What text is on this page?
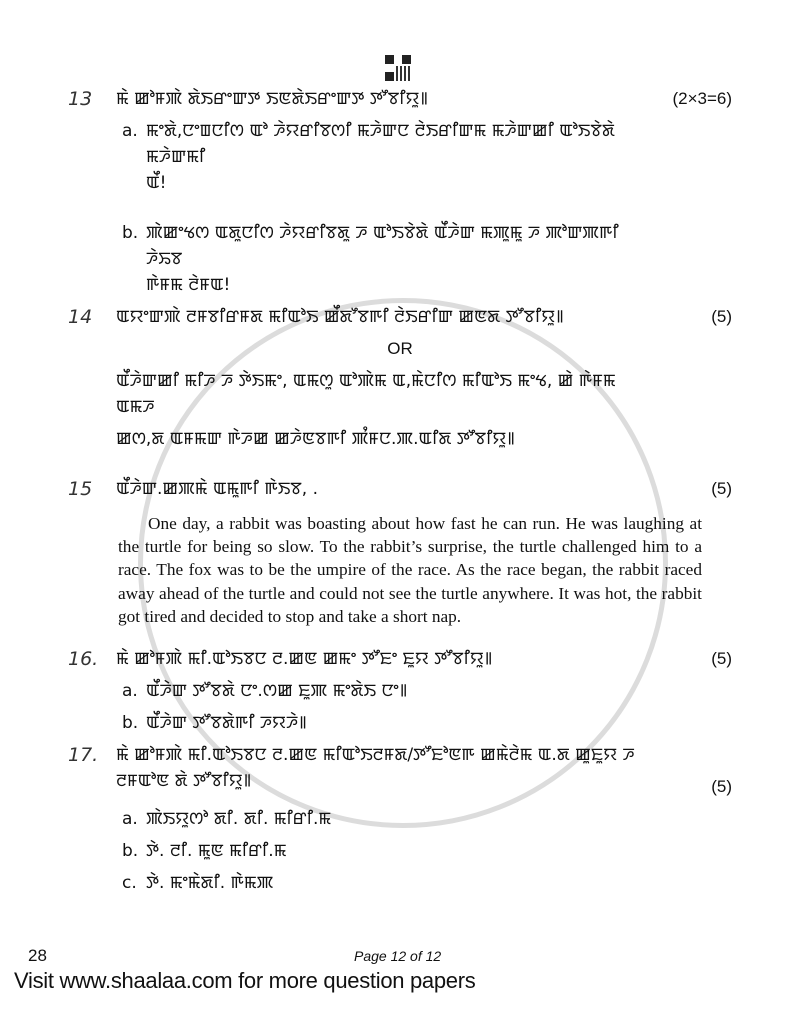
13	ꯃꯥ ꯀꯣꯝꯄꯥ ꯗꯥꯏꯔꯦꯛꯇ ꯏꯟꯗꯥꯏꯔꯦꯛꯇ ꯇꯧꯕꯤꯌꯨ꯫	(2×3=6)
a. ꯃꯦꯗꯥ,ꯅꯦꯡꯅꯤꯁ ꯑꯣ ꯍꯥꯌꯔꯤꯕꯁꯤ ꯃꯍꯥꯛꯅ ꯂꯥꯏꯔꯤꯛꯃ ꯃꯍꯥꯛꯀꯤ ꯑꯣꯏꯕꯥꯗꯥ ꯃꯍꯥꯛꯃꯤ
ꯑꯩ!
b. ꯄꯥꯀꯦꯠꯁ ꯑꯗꯨꯅꯤꯁ ꯍꯥꯌꯔꯤꯕꯗꯨ ꯍ ꯑꯣꯏꯕꯥꯗꯥ ꯑꯩꯍꯥꯛ ꯃꯄꯨꯃꯨ ꯍ ꯄꯣꯛꯄꯒꯤ ꯍꯥꯢꯕ
ꯒꯥꯝꯃ ꯂꯥꯝꯑ!
14	ꯑꯌꯦꯛꯄꯥ ꯂꯝꯕꯤꯔꯝꯗ ꯃꯤꯑꯣꯏ ꯀꯩꯗꯧꯕꯒꯤ ꯂꯥꯏꯔꯤꯛ ꯀꯟꯗ ꯇꯧꯕꯤꯌꯨ꯫	(5)
OR
ꯑꯩꯍꯥꯛꯀꯤ ꯃꯤꯍ ꯍ ꯇꯥꯏꯃꯦ, ꯑꯃꯁꯨ ꯑꯣꯄꯥꯃ ꯑ,ꯃꯥꯅꯤꯁ ꯃꯤꯑꯣꯏ ꯃꯦꯠ, ꯀꯥ ꯒꯥꯝꯃ ꯑꯃꯍ
ꯀꯁ,ꯗ ꯑꯝꯃꯛ ꯒꯥꯍꯀ ꯀꯍꯥꯟꯕꯒꯤ ꯄꯪꯝꯅ.ꯄ.ꯑꯤꯗ ꯇꯧꯕꯤꯌꯨ꯫
15	ꯑꯩꯍꯥꯛ.ꯀꯄꯃꯥ ꯑꯃꯨꯒꯤ ꯒꯥꯏꯕ, .	(5)

One day, a rabbit was boasting about how fast he can run. He was laughing at the turtle for being so slow. To the rabbit’s surprise, the turtle challenged him to a race. The fox was to be the umpire of the race. As the race began, the rabbit raced away ahead of the turtle and could not see the turtle anywhere. It was hot, the rabbit got tired and decided to stop and take a short nap.

16.	ꯃꯥ ꯀꯣꯝꯄꯥ ꯃꯤ.ꯑꯣꯏꯕꯅ ꯂ.ꯀꯟ ꯀꯃꯦ ꯇꯧꯐꯦ ꯐꯨꯌ ꯇꯧꯕꯤꯌꯨ꯫	(5)
a. ꯑꯩꯍꯥꯛ ꯇꯧꯕꯗꯥ ꯅꯦ.ꯁꯀ ꯐꯨꯄ ꯃꯦꯗꯥꯏ ꯅꯦ꯫
b. ꯑꯩꯍꯥꯛ ꯇꯧꯕꯗꯥꯒꯤ ꯍꯌꯍꯥ꯫
17.	ꯃꯥ ꯀꯣꯝꯄꯥ ꯃꯤ.ꯑꯣꯏꯕꯅ ꯂ.ꯀꯟ ꯃꯤꯑꯣꯏꯂꯝꯗ/ꯇꯧꯐꯣꯟꯒ ꯀꯃꯥꯂꯥꯃ ꯑ.ꯗ ꯀꯨꯐꯨꯌ ꯍ
ꯂꯝꯑꯣꯟ ꯗꯥ ꯇꯧꯕꯤꯌꯨ꯫	(5)
a. ꯄꯥꯏꯌꯨꯁꯣ ꯗꯤ. ꯗꯤ. ꯃꯤꯔꯤ.ꯃ
b. ꯇꯥ. ꯂꯤ. ꯃꯨꯟ ꯃꯤꯔꯤ.ꯃ
c. ꯇꯥ. ꯃꯦꯃꯥꯗꯤ. ꯒꯥꯃꯄ
28	Page 12 of 12
Visit www.shaalaa.com for more question papers
